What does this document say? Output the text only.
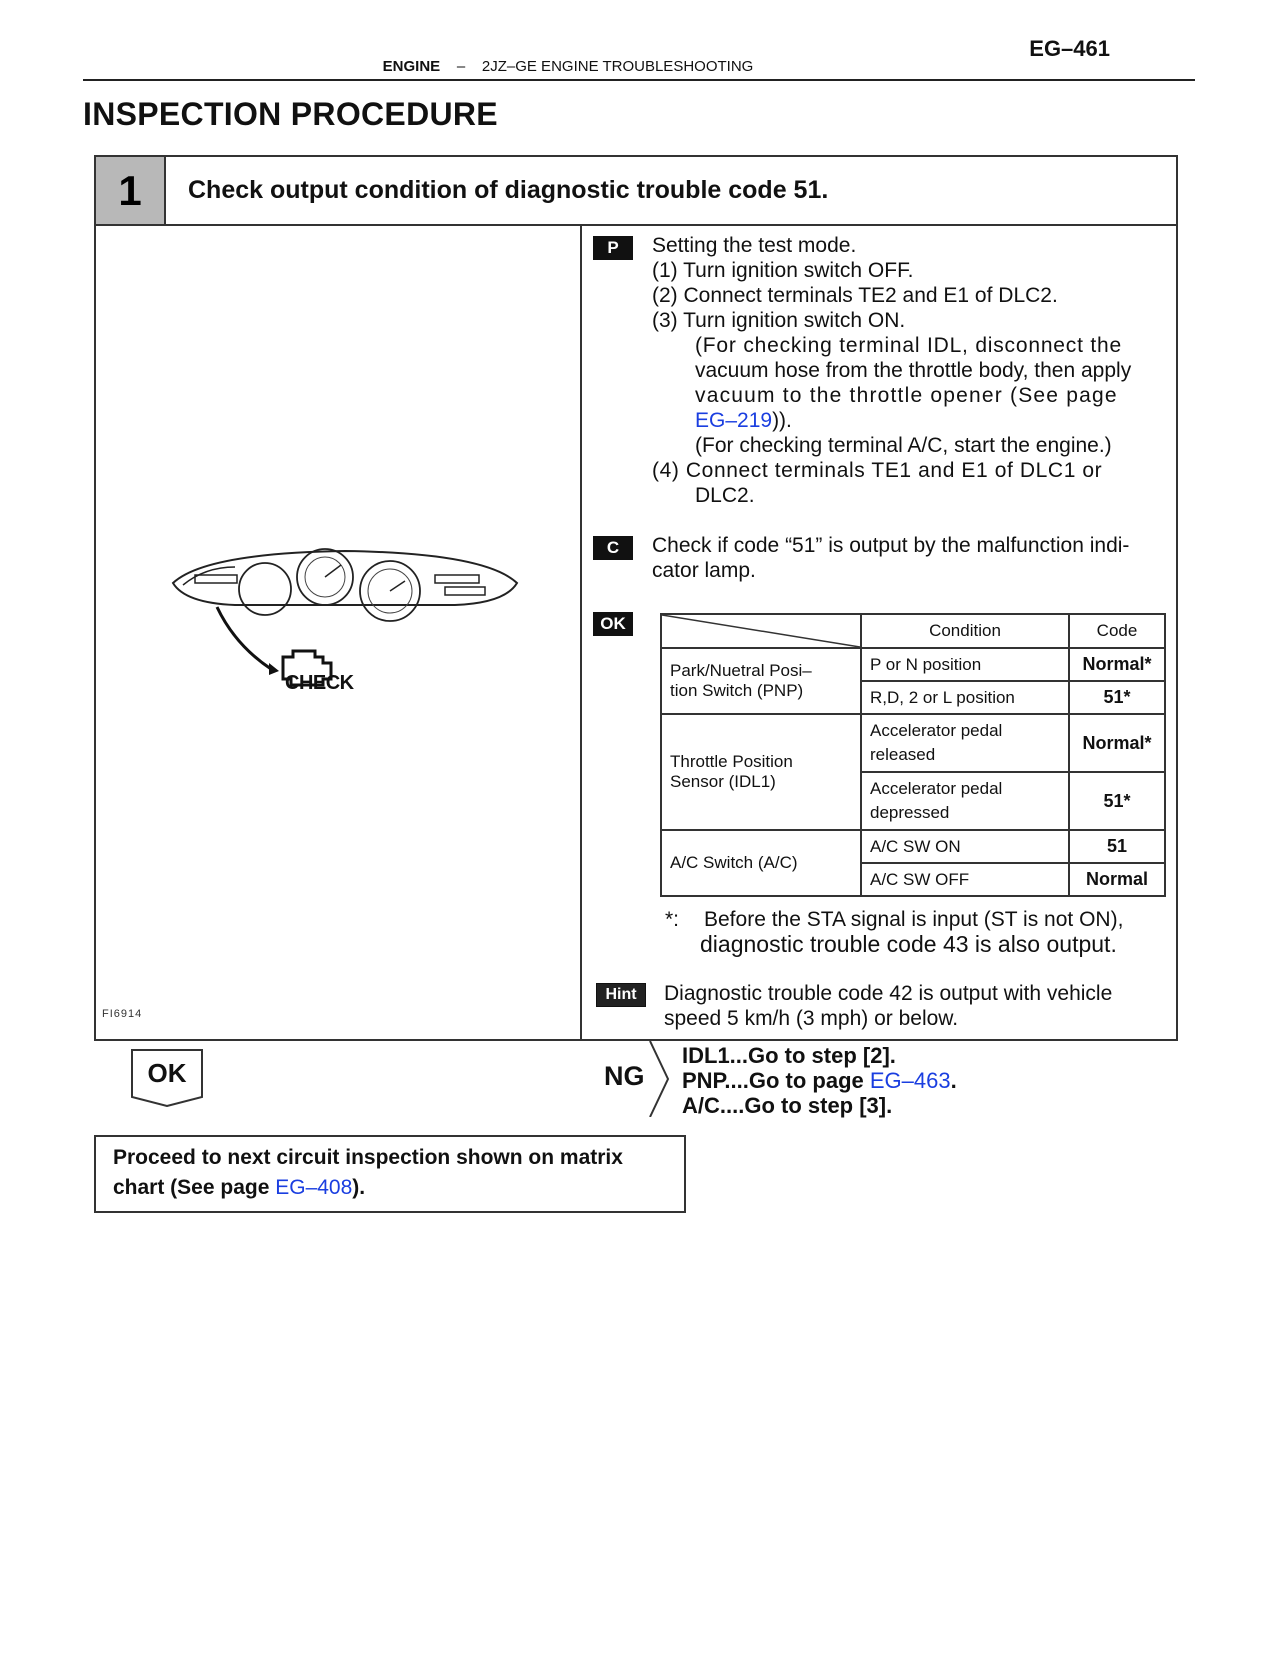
EG–461
ENGINE – 2JZ–GE ENGINE TROUBLESHOOTING
INSPECTION PROCEDURE
1	Check output condition of diagnostic trouble code 51.
P	Setting the test mode.
(1) Turn ignition switch OFF.
(2) Connect terminals TE2 and E1 of DLC2.
(3) Turn ignition switch ON.
(For checking terminal IDL, disconnect the
vacuum hose from the throttle body, then apply
vacuum to the throttle opener (See page
EG–219)).
(For checking terminal A/C, start the engine.)
(4) Connect terminals TE1 and E1 of DLC1 or
DLC2.
C	Check if code “51” is output by the malfunction indi-
cator lamp.
OK
		Condition	Code
Park/Nuetral Posi–
tion Switch (PNP)	P or N position	Normal*
	R,D, 2 or L position	51*
Throttle Position
Sensor (IDL1)	Accelerator pedal released	Normal*
	Accelerator pedal depressed	51*
A/C Switch (A/C)	A/C SW ON	51
	A/C SW OFF	Normal
*: Before the STA signal is input (ST is not ON),
diagnostic trouble code 43 is also output.
Hint	Diagnostic trouble code 42 is output with vehicle
speed 5 km/h (3 mph) or below.
CHECK
FI6914
OK	NG
IDL1...Go to step [2].
PNP....Go to page EG–463.
A/C....Go to step [3].
Proceed to next circuit inspection shown on matrix
chart (See page EG–408).
